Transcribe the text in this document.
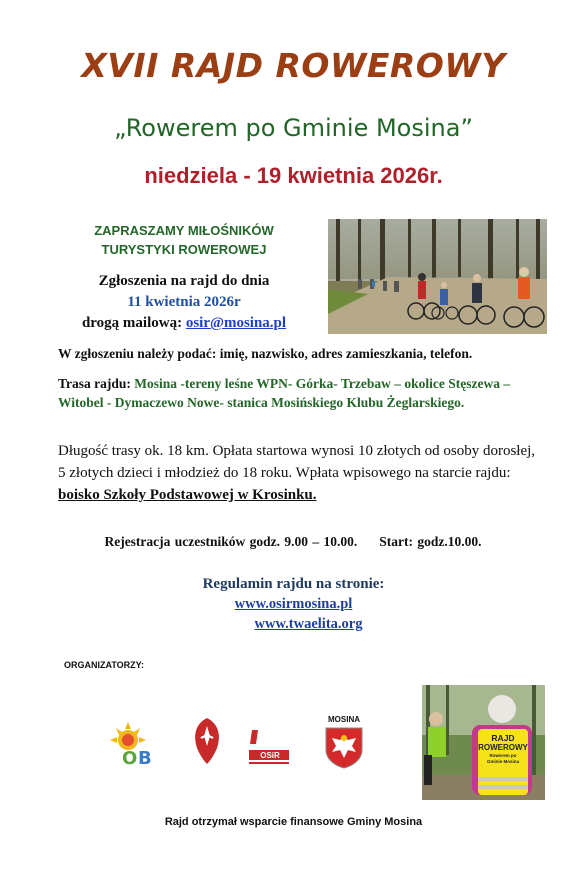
XVII RAJD ROWEROWY
„Rowerem po Gminie Mosina”
niedziela - 19 kwietnia 2026r.
ZAPRASZAMY MIŁOŚNIKÓW
TURYSTYKI ROWEROWEJ
Zgłoszenia na rajd do dnia
11 kwietnia 2026r
drogą mailową: osir@mosina.pl
W zgłoszeniu należy podać: imię, nazwisko, adres zamieszkania, telefon.
Trasa rajdu: Mosina -tereny leśne WPN- Górka- Trzebaw – okolice Stęszewa – Witobel - Dymaczewo Nowe- stanica Mosińskiego Klubu Żeglarskiego.
Długość trasy ok. 18 km. Opłata startowa wynosi 10 złotych od osoby dorosłej, 5 złotych dzieci i młodzież do 18 roku. Wpłata wpisowego na starcie rajdu: boisko Szkoły Podstawowej w Krosinku.
Rejestracja uczestników godz. 9.00 – 10.00. Start: godz.10.00.
Regulamin rajdu na stronie:
www.osirmosina.pl
www.twaelita.org
ORGANIZATORZY:
O B	OSiR
MOSINA
RAJD
ROWEROWY
Rowerem po
Gminie Mosina
Rajd otrzymał wsparcie finansowe Gminy Mosina
